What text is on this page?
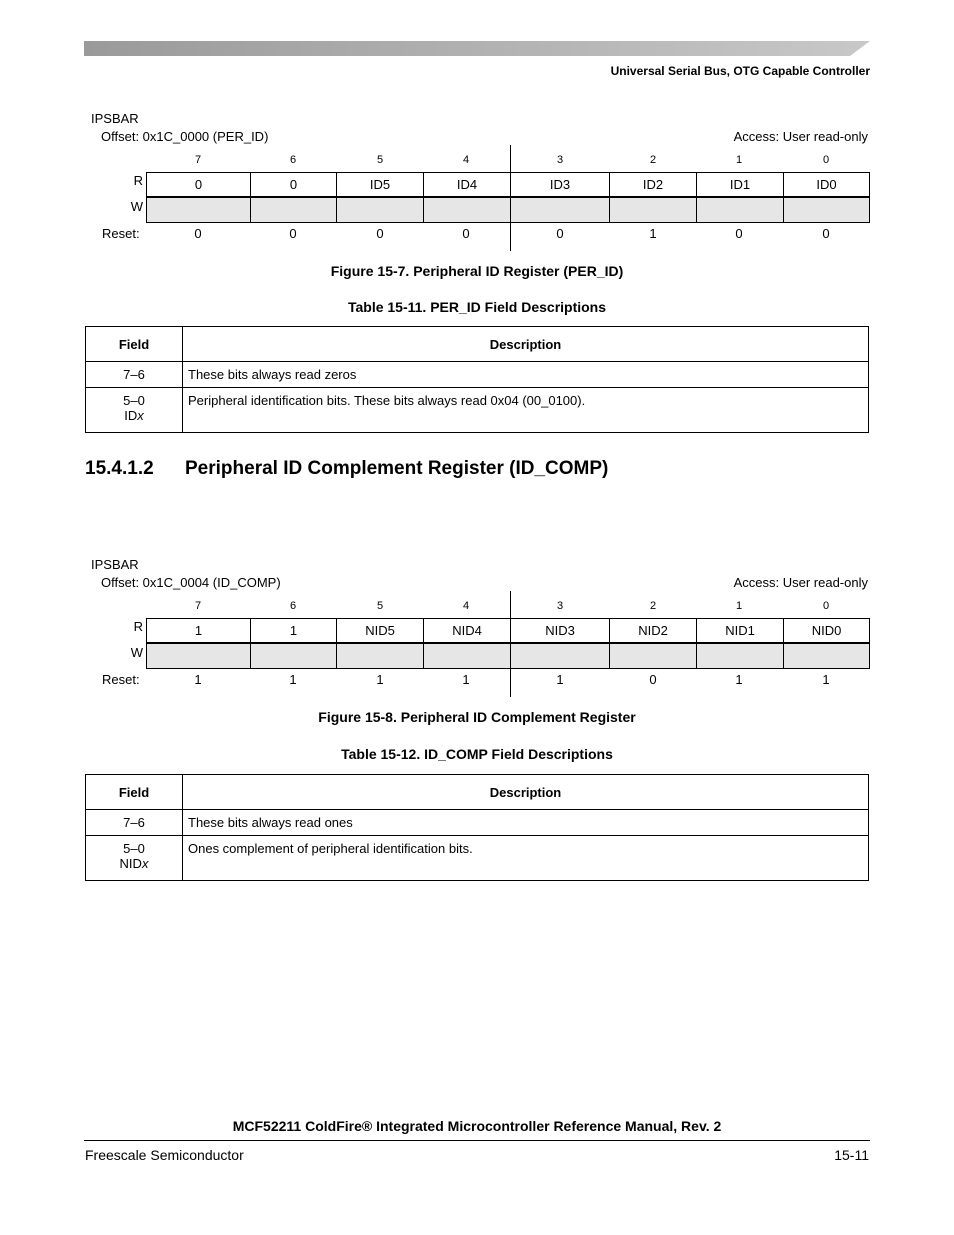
Universal Serial Bus, OTG Capable Controller
IPSBAR
Offset: 0x1C_0000 (PER_ID)	Access: User read-only
7	6	5	4	3	2	1	0
R
W
0	0	ID5	ID4	ID3	ID2	ID1	ID0
Reset:	0	0	0	0	0	1	0	0
Figure 15-7. Peripheral ID Register (PER_ID)
Table 15-11. PER_ID Field Descriptions
Field	Description
7–6	These bits always read zeros

5–0
IDx	Peripheral identification bits. These bits always read 0x04 (00_0100).
15.4.1.2 Peripheral ID Complement Register (ID_COMP)
IPSBAR
Offset: 0x1C_0004 (ID_COMP)	Access: User read-only
7	6	5	4	3	2	1	0
R
W
1	1	NID5	NID4	NID3	NID2	NID1	NID0
Reset:	1	1	1	1	1	0	1	1
Figure 15-8. Peripheral ID Complement Register
Table 15-12. ID_COMP Field Descriptions
Field	Description
7–6	These bits always read ones

5–0
NIDx	Ones complement of peripheral identification bits.
MCF52211 ColdFire® Integrated Microcontroller Reference Manual, Rev. 2
Freescale Semiconductor	15-11
